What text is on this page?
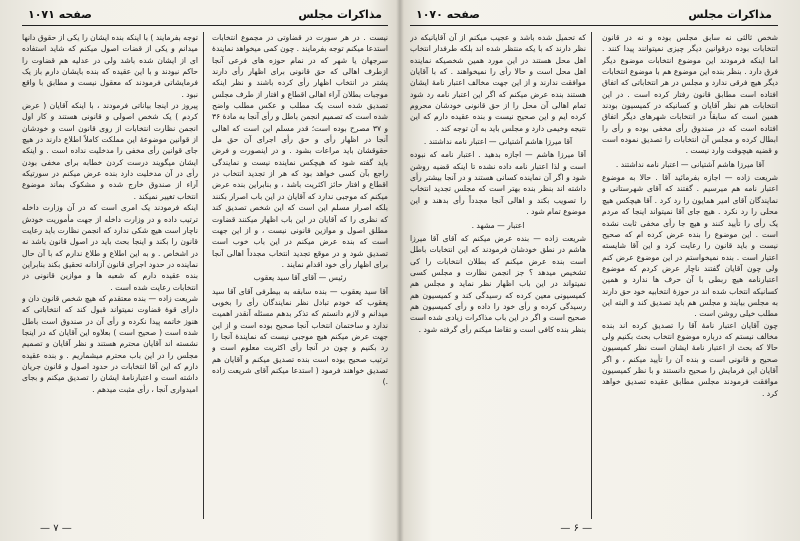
مذاکرات مجلس
صفحه ۱۰۷۱

نیست . در هر سورت در قضاوتی در مجموع انتخابات استدعا میکنم توجه بفرمایند . چون کمی میخواهد نمایندهٔ سرجهان یا شهر که در نمام حوزه های فرعی آنجا ازطرف اهالی که حق قانونی برای اظهار رأی دارند یشتر در انتخاب اظهار رأی کرده باشند و نظر اینکه موجبات بطلان آراء اهالی اقطاع و افتار از طرف مجلس تصدیق شده است یک مطلب و عکس مطلب واضح شده است که تصمیم انجمن باطل و رأی آنجا به مادهٔ ۳۶ و ۳۷ مصرح بوده است؛ قدر مسلم این است که اهالی آنجا در اظهار رأی و حق رأی اجرای آن حق مل حقوقشان باید مراعات بشود . و در اینصورت و فرض باید گفته شود که هیچکس نماینده نیست و نمایندگی راجع بآن کسی خواهد بود که هر از تجدید انتخاب در اقطاع و افتار حائز اکثریت باشد ، و بنابراین بنده عرض میکنم که موجبی ندارد که آقایان در این باب اصرار بکنند بلکه اصرار مسلم این است که این شخص تصدیق کند که نظری را که آقایان در این باب اظهار میکنند قضاوت مطلق اصول و موازین قانونی نیست ، و از این جهت است که بنده عرض میکنم در این باب خوب است تصدیق شود و در موقع تجدید انتخاب مجدداً اهالی آنجا برای اظهار رأی خود اقدام نمایند .

رئیس — آقای آقا سید یعقوب

آقا سید یعقوب — بنده سابقه به بیطرفی آقای آقا سید یعقوب که خودم تبادل نظر نمایندگان رأی را بخوبی میدانم و لازم دانستم که تذکر بدهم مسئله آنقدر اهمیت ندارد و ساختمان انتخاب آنجا صحیح بوده است و از این جهت عرض میکنم هیچ موجبی نیست که نمایندهٔ آنجا را رد بکنیم و چون در آنجا رأی اکثریت معلوم است و ترتیب صحیح بوده است بنده تصدیق میکنم و آقایان هم تصدیق خواهند فرمود ( استدعا میکنم آقای شریعت زاده .)

توجه بفرمایند ) با اینکه بنده ایشان را یکی از حقوق دانها میدانم و یکی از قضات اصول میکنم که شاید استفاده ای از ایشان شده باشد ولی در عدلیه هم قضاوت را حاکم نبودند و با این عقیده که بنده بایشان دارم باز یک فرمایشاتی فرمودند که معقول نیست و مطابق با واقع نبود .

پیروز در اینجا بیاناتی فرمودند ، با اینکه آقایان ( عرض کردم ) یک شخص اصولی و قانونی هستند و کار اول انجمن نظارت انتخابات از روی قانون است و خودشان از قوانین موضوعهٔ این مملکت کاملاً اطلاع دارند در هیچ جای قوانین رأی مخفی را مدخلیت نداده است . و اینکه ایشان میگویند درست کردن خطابه برای مخفی بودن رأی در آن مدخلیت دارد بنده عرض میکنم در سورتیکه آراء از صندوق خارج شده و مشکوک بماند موضوع انتخاب تغییر نمیکند .

اینکه فرمودند یک امری است که در آن وزارت داخله ترتیب داده و در وزارت داخله از جهت مأموریت خودش ناچار است هیچ شکی ندارد که انجمن نظارت باید رعایت قانون را بکند و اینجا بحث باید در اصول قانون باشد نه در اشخاص . و به این اطلاع و طلاع ندارم که با آن حال نماینده در حدود اجرای قانون آزادانه تحقیق بکند بنابراین بنده عقیده دارم که شعبه ها و موازین قانونی در انتخابات رعایت شده است .

شریعت زاده — بنده معتقدم که هیچ شخص قانون دان و دارای قوهٔ قضاوت نمیتواند قبول کند که انتخاباتی که هنوز خاتمه پیدا نکرده و رأی آن در صندوق است باطل شده است ( صحیح است ) بعلاوه این آقایان که در اینجا نشسته اند آقایان محترم هستند و نظر آقایان و تصمیم مجلس را در این باب محترم میشماریم . و بنده عقیده دارم که این آقا انتخابات در حدود اصول و قانون جریان داشته است و اعتبارنامهٔ ایشان را تصدیق میکنم و بجای امیدواری آنجا ، رأی مثبت میدهم .

— ۷ —
مذاکرات مجلس
صفحه ۱۰۷۰

شخص ثالثی نه سابق مجلس بوده و نه در قانون انتخابات بوده درقوانین دیگر چیزی نمیتوانند پیدا کنند . اما اینکه فرمودند این موضوع انتخابات موضوع دیگر فرق دارد . بنظر بنده این موضوع هم با موضوع انتخابات دیگر هیچ فرقی ندارد و مجلس در هر انتخاباتی که اتفاق افتاده است مطابق قانون رفتار کرده است . در این انتخابات هم نظر آقایان و کسانیکه در کمیسیون بودند همین است که سابقاً در انتخابات شهرهای دیگر اتفاق افتاده است که در صندوق رأی مخفی بوده و رأی را ابطال کرده و مجلس آن انتخابات را تصدیق نموده است و قضیه هیچوقت وارد نیست .

آقا میرزا هاشم آشتیانی — اعتبار نامه نداشتند .

شریعت زاده — اجازه بفرمائید آقا . حالا به موضوع اعتبار نامه هم میرسیم . گفتند که آقای شهرستانی و نمایندگان آقای امیر همایون را رد کرد . آقا هیچکس هیچ محلی را رد نکرد . هیچ جای آقا نمیتواند اینجا که مردم یک رأی را تأیید کنند و هیچ جا رأی مخفی ثابت نشده است . این موضوع را بنده عرض کرده ام که صحیح نیست و باید قانون را رعایت کرد و این آقا شایسته اعتبار است . بنده نمیخواستم در این موضوع عرض کنم ولی چون آقایان گفتند ناچار عرض کردم که موضوع اعتبارنامه هیچ ربطی با آن حرف ها ندارد و همین کسانیکه انتخاب شده اند در حوزهٔ انتخابیه خود حق دارند به مجلس بیایند و مجلس هم باید تصدیق کند و البته این مطلب خیلی روشن است .

چون آقایان اعتبار نامهٔ آقا را تصدیق کرده اند بنده مخالف نیستم که درباره موضوع انتخاب بحث بکنیم ولی حالا که بحث از اعتبار نامهٔ ایشان است نظر کمیسیون صحیح و قانونی است و بنده آن را تأیید میکنم ، و اگر آقایان این فرمایش را صحیح دانستند و با نظر کمیسیون موافقت فرمودند مجلس مطابق عقیده تصدیق خواهد کرد .

که تحمیل شده باشد و عجیب میکنم از آن آقایانیکه در نظر دارند که با یکه منتظر شده اند بلکه طرفدار انتخاب اهل محل هستند در این مورد همین شخصیکه نماینده اهل محل است و حالا رأی را نمیخواهند . که با آقایان موافقت ندارند و از این جهت مخالف اعتبار نامهٔ ایشان هستند بنده عرض میکنم که اگر این اعتبار نامه رد شود تمام اهالی آن محل را از حق قانونی خودشان محروم کرده ایم و این صحیح نیست و بنده عقیده دارم که این نتیجه وخیمی دارد و مجلس باید به آن توجه کند .

آقا میرزا هاشم آشتیانی — اعتبار نامه نداشتند .

آقا میرزا هاشم — اجازه بدهید . اعتبار نامه که نبوده است و لذا اعتبار نامه داده نشده تا اینکه قضیه روشن شود و اگر آن نماینده کسانی هستند و در آنجا بیشتر رأی داشته اند بنظر بنده بهتر است که مجلس تجدید انتخاب را تصویب بکند و اهالی آنجا مجدداً رأی بدهند و این موضوع تمام شود .

اعتبار — مشهد .

شریعت زاده — بنده عرض میکنم که آقای آقا میرزا هاشم در نطق خودشان فرمودند که این انتخابات باطل است بنده عرض میکنم که بطلان انتخابات را کی تشخیص میدهد ؟ جز انجمن نظارت و مجلس کسی نمیتواند در این باب اظهار نظر نماید و مجلس هم کمیسیونی معین کرده که رسیدگی کند و کمیسیون هم رسیدگی کرده و رأی خود را داده و رأی کمیسیون هم صحیح است و اگر در این باب مذاکرات زیادی شده است بنظر بنده کافی است و تقاضا میکنم رأی گرفته شود .

— ۶ —
